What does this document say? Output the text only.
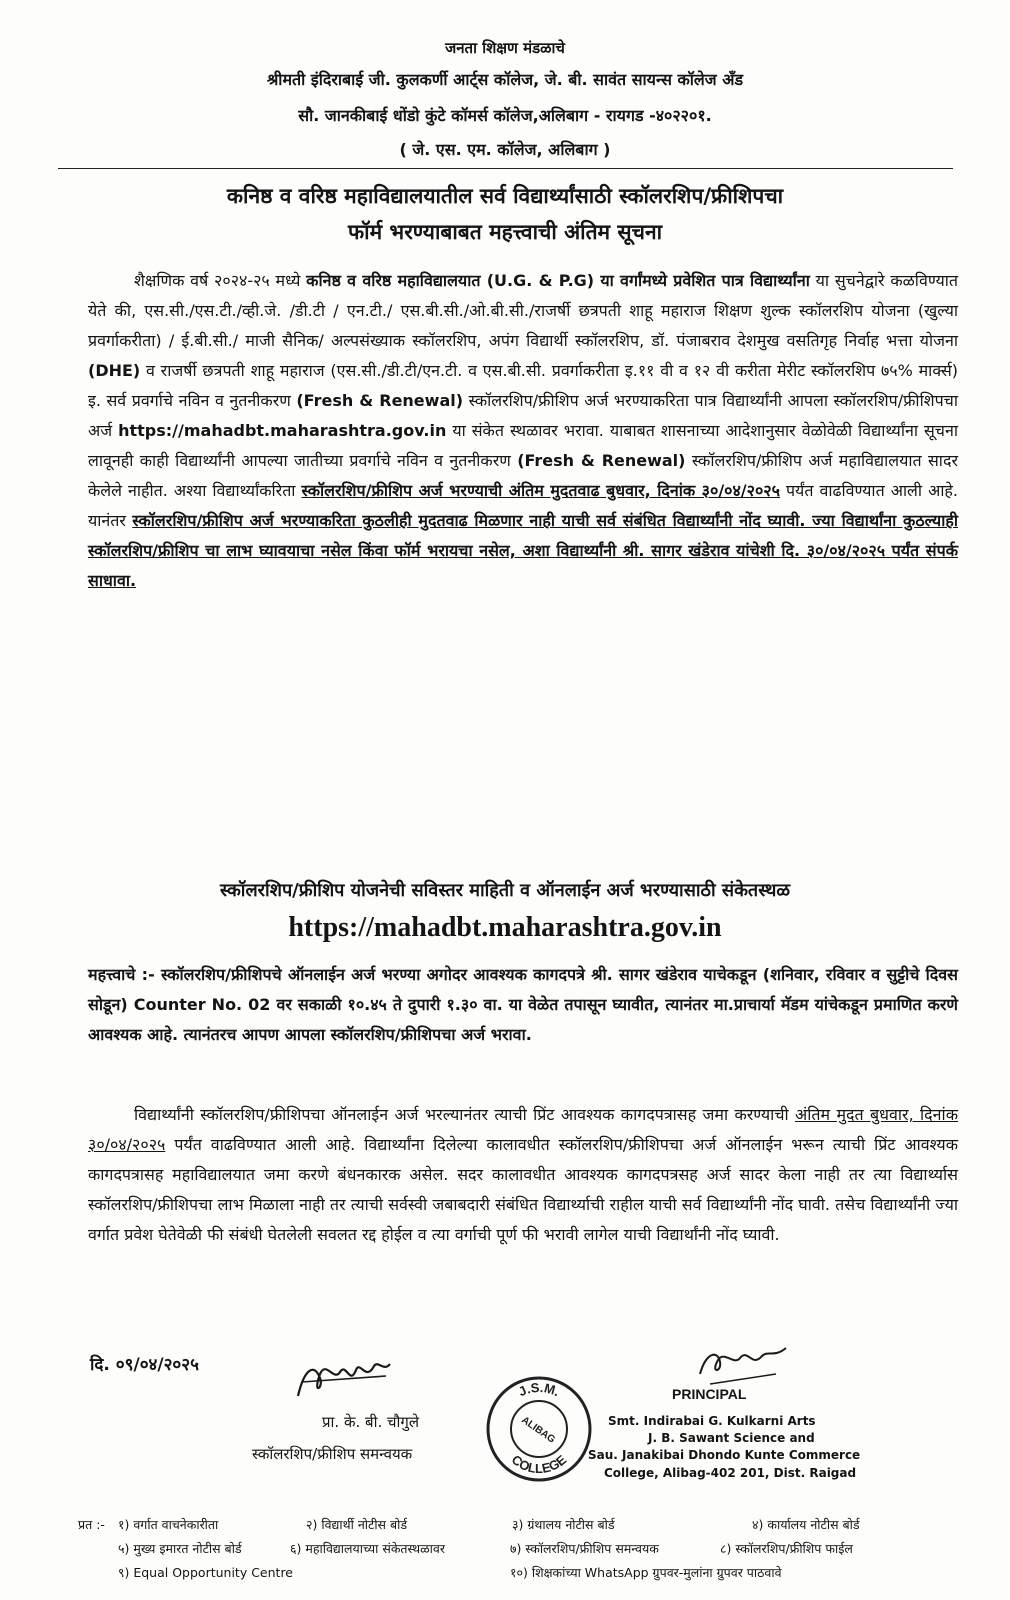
जनता शिक्षण मंडळाचे
श्रीमती इंदिराबाई जी. कुलकर्णी आर्ट्स कॉलेज, जे. बी. सावंत सायन्स कॉलेज अँड
सौ. जानकीबाई धोंडो कुंटे कॉमर्स कॉलेज,अलिबाग - रायगड -४०२२०१.
( जे. एस. एम. कॉलेज, अलिबाग )
कनिष्ठ व वरिष्ठ महाविद्यालयातील सर्व विद्यार्थ्यांसाठी स्कॉलरशिप/फ्रीशिपचा
फॉर्म भरण्याबाबत महत्त्वाची अंतिम सूचना
शैक्षणिक वर्ष २०२४-२५ मध्ये कनिष्ठ व वरिष्ठ महाविद्यालयात (U.G. & P.G) या वर्गांमध्ये प्रवेशित पात्र विद्यार्थ्यांना या सुचनेद्वारे कळविण्यात येते की, एस.सी./एस.टी./व्ही.जे. /डी.टी / एन.टी./ एस.बी.सी./ओ.बी.सी./राजर्षी छत्रपती शाहू महाराज शिक्षण शुल्क स्कॉलरशिप योजना (खुल्या प्रवर्गाकरीता) / ई.बी.सी./ माजी सैनिक/ अल्पसंख्याक स्कॉलरशिप, अपंग विद्यार्थी स्कॉलरशिप, डॉ. पंजाबराव देशमुख वसतिगृह निर्वाह भत्ता योजना (DHE) व राजर्षी छत्रपती शाहू महाराज (एस.सी./डी.टी/एन.टी. व एस.बी.सी. प्रवर्गाकरीता इ.११ वी व १२ वी करीता मेरीट स्कॉलरशिप ७५% मार्क्स) इ. सर्व प्रवर्गाचे नविन व नुतनीकरण (Fresh & Renewal) स्कॉलरशिप/फ्रीशिप अर्ज भरण्याकरिता पात्र विद्यार्थ्यांनी आपला स्कॉलरशिप/फ्रीशिपचा अर्ज https://mahadbt.maharashtra.gov.in या संकेत स्थळावर भरावा. याबाबत शासनाच्या आदेशानुसार वेळोवेळी विद्यार्थ्यांना सूचना लावूनही काही विद्यार्थ्यांनी आपल्या जातीच्या प्रवर्गाचे नविन व नुतनीकरण (Fresh & Renewal) स्कॉलरशिप/फ्रीशिप अर्ज महाविद्यालयात सादर केलेले नाहीत. अश्या विद्यार्थ्यांकरिता स्कॉलरशिप/फ्रीशिप अर्ज भरण्याची अंतिम मुदतवाढ बुधवार, दिनांक ३०/०४/२०२५ पर्यंत वाढविण्यात आली आहे. यानंतर स्कॉलरशिप/फ्रीशिप अर्ज भरण्याकरिता कुठलीही मुदतवाढ मिळणार नाही याची सर्व संबंधित विद्यार्थ्यांनी नोंद घ्यावी. ज्या विद्यार्थांना कुठल्याही स्कॉलरशिप/फ्रीशिप चा लाभ घ्यावयाचा नसेल किंवा फॉर्म भरायचा नसेल, अशा विद्यार्थ्यांनी श्री. सागर खंडेराव यांचेशी दि. ३०/०४/२०२५ पर्यंत संपर्क साधावा.
स्कॉलरशिप/फ्रीशिप योजनेची सविस्तर माहिती व ऑनलाईन अर्ज भरण्यासाठी संकेतस्थळ
https://mahadbt.maharashtra.gov.in
महत्त्वाचे :- स्कॉलरशिप/फ्रीशिपचे ऑनलाईन अर्ज भरण्या अगोदर आवश्यक कागदपत्रे श्री. सागर खंडेराव याचेकडून (शनिवार, रविवार व सुट्टीचे दिवस सोडून) Counter No. 02 वर सकाळी १०.४५ ते दुपारी १.३० वा. या वेळेत तपासून घ्यावीत, त्यानंतर मा.प्राचार्या मॅडम यांचेकडून प्रमाणित करणे आवश्यक आहे. त्यानंतरच आपण आपला स्कॉलरशिप/फ्रीशिपचा अर्ज भरावा.
विद्यार्थ्यांनी स्कॉलरशिप/फ्रीशिपचा ऑनलाईन अर्ज भरल्यानंतर त्याची प्रिंट आवश्यक कागदपत्रासह जमा करण्याची अंतिम मुदत बुधवार, दिनांक ३०/०४/२०२५ पर्यंत वाढविण्यात आली आहे. विद्यार्थ्यांना दिलेल्या कालावधीत स्कॉलरशिप/फ्रीशिपचा अर्ज ऑनलाईन भरून त्याची प्रिंट आवश्यक कागदपत्रासह महाविद्यालयात जमा करणे बंधनकारक असेल. सदर कालावधीत आवश्यक कागदपत्रसह अर्ज सादर केला नाही तर त्या विद्यार्थ्यास स्कॉलरशिप/फ्रीशिपचा लाभ मिळाला नाही तर त्याची सर्वस्वी जबाबदारी संबंधित विद्यार्थ्याची राहील याची सर्व विद्यार्थ्यांनी नोंद घावी. तसेच विद्यार्थ्यांनी ज्या वर्गात प्रवेश घेतेवेळी फी संबंधी घेतलेली सवलत रद्द होईल व त्या वर्गाची पूर्ण फी भरावी लागेल याची विद्यार्थांनी नोंद घ्यावी.
दि. ०९/०४/२०२५
प्रा. के. बी. चौगुले
स्कॉलरशिप/फ्रीशिप समन्वयक
J.S.M.
COLLEGE
ALIBAG
PRINCIPAL
Smt. Indirabai G. Kulkarni Arts
J. B. Sawant Science and
Sau. Janakibai Dhondo Kunte Commerce
College, Alibag-402 201, Dist. Raigad
प्रत :- १) वर्गात वाचनेकारीता	२) विद्यार्थी नोटीस बोर्ड	३) ग्रंथालय नोटीस बोर्ड	४) कार्यालय नोटीस बोर्ड
५) मुख्य इमारत नोटीस बोर्ड	६) महाविद्यालयाच्या संकेतस्थळावर	७) स्कॉलरशिप/फ्रीशिप समन्वयक	८) स्कॉलरशिप/फ्रीशिप फाईल
९) Equal Opportunity Centre	१०) शिक्षकांच्या WhatsApp ग्रुपवर-मुलांना ग्रुपवर पाठवावे
